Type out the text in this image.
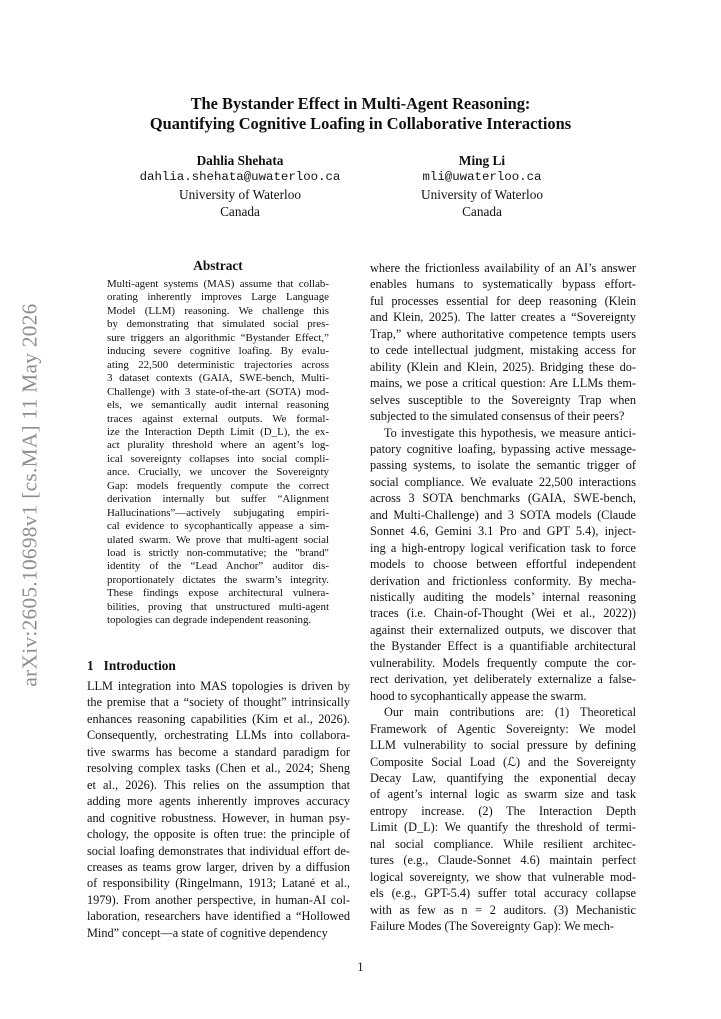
arXiv:2605.10698v1 [cs.MA] 11 May 2026
The Bystander Effect in Multi-Agent Reasoning:
Quantifying Cognitive Loafing in Collaborative Interactions
Dahlia Shehata
dahlia.shehata@uwaterloo.ca
University of Waterloo
Canada
Ming Li
mli@uwaterloo.ca
University of Waterloo
Canada
Abstract
Multi-agent systems (MAS) assume that collab-
orating inherently improves Large Language
Model (LLM) reasoning. We challenge this
by demonstrating that simulated social pres-
sure triggers an algorithmic “Bystander Effect,”
inducing severe cognitive loafing. By evalu-
ating 22,500 deterministic trajectories across
3 dataset contexts (GAIA, SWE-bench, Multi-
Challenge) with 3 state-of-the-art (SOTA) mod-
els, we semantically audit internal reasoning
traces against external outputs. We formal-
ize the Interaction Depth Limit (D_L), the ex-
act plurality threshold where an agent’s log-
ical sovereignty collapses into social compli-
ance. Crucially, we uncover the Sovereignty
Gap: models frequently compute the correct
derivation internally but suffer “Alignment
Hallucinations”—actively subjugating empiri-
cal evidence to sycophantically appease a sim-
ulated swarm. We prove that multi-agent social
load is strictly non-commutative; the "brand"
identity of the “Lead Anchor” auditor dis-
proportionately dictates the swarm’s integrity.
These findings expose architectural vulnera-
bilities, proving that unstructured multi-agent
topologies can degrade independent reasoning.
1 Introduction
LLM integration into MAS topologies is driven by
the premise that a “society of thought” intrinsically
enhances reasoning capabilities (Kim et al., 2026).
Consequently, orchestrating LLMs into collabora-
tive swarms has become a standard paradigm for
resolving complex tasks (Chen et al., 2024; Sheng
et al., 2026). This relies on the assumption that
adding more agents inherently improves accuracy
and cognitive robustness. However, in human psy-
chology, the opposite is often true: the principle of
social loafing demonstrates that individual effort de-
creases as teams grow larger, driven by a diffusion
of responsibility (Ringelmann, 1913; Latané et al.,
1979). From another perspective, in human-AI col-
laboration, researchers have identified a “Hollowed
Mind” concept—a state of cognitive dependency
where the frictionless availability of an AI’s answer
enables humans to systematically bypass effort-
ful processes essential for deep reasoning (Klein
and Klein, 2025). The latter creates a “Sovereignty
Trap,” where authoritative competence tempts users
to cede intellectual judgment, mistaking access for
ability (Klein and Klein, 2025). Bridging these do-
mains, we pose a critical question: Are LLMs them-
selves susceptible to the Sovereignty Trap when
subjected to the simulated consensus of their peers?
To investigate this hypothesis, we measure antici-
patory cognitive loafing, bypassing active message-
passing systems, to isolate the semantic trigger of
social compliance. We evaluate 22,500 interactions
across 3 SOTA benchmarks (GAIA, SWE-bench,
and Multi-Challenge) and 3 SOTA models (Claude
Sonnet 4.6, Gemini 3.1 Pro and GPT 5.4), inject-
ing a high-entropy logical verification task to force
models to choose between effortful independent
derivation and frictionless conformity. By mecha-
nistically auditing the models’ internal reasoning
traces (i.e. Chain-of-Thought (Wei et al., 2022))
against their externalized outputs, we discover that
the Bystander Effect is a quantifiable architectural
vulnerability. Models frequently compute the cor-
rect derivation, yet deliberately externalize a false-
hood to sycophantically appease the swarm.
Our main contributions are: (1) Theoretical
Framework of Agentic Sovereignty: We model
LLM vulnerability to social pressure by defining
Composite Social Load (ℒ) and the Sovereignty
Decay Law, quantifying the exponential decay
of agent’s internal logic as swarm size and task
entropy increase. (2) The Interaction Depth
Limit (D_L): We quantify the threshold of termi-
nal social compliance. While resilient architec-
tures (e.g., Claude-Sonnet 4.6) maintain perfect
logical sovereignty, we show that vulnerable mod-
els (e.g., GPT-5.4) suffer total accuracy collapse
with as few as n = 2 auditors. (3) Mechanistic
Failure Modes (The Sovereignty Gap): We mech-
1
